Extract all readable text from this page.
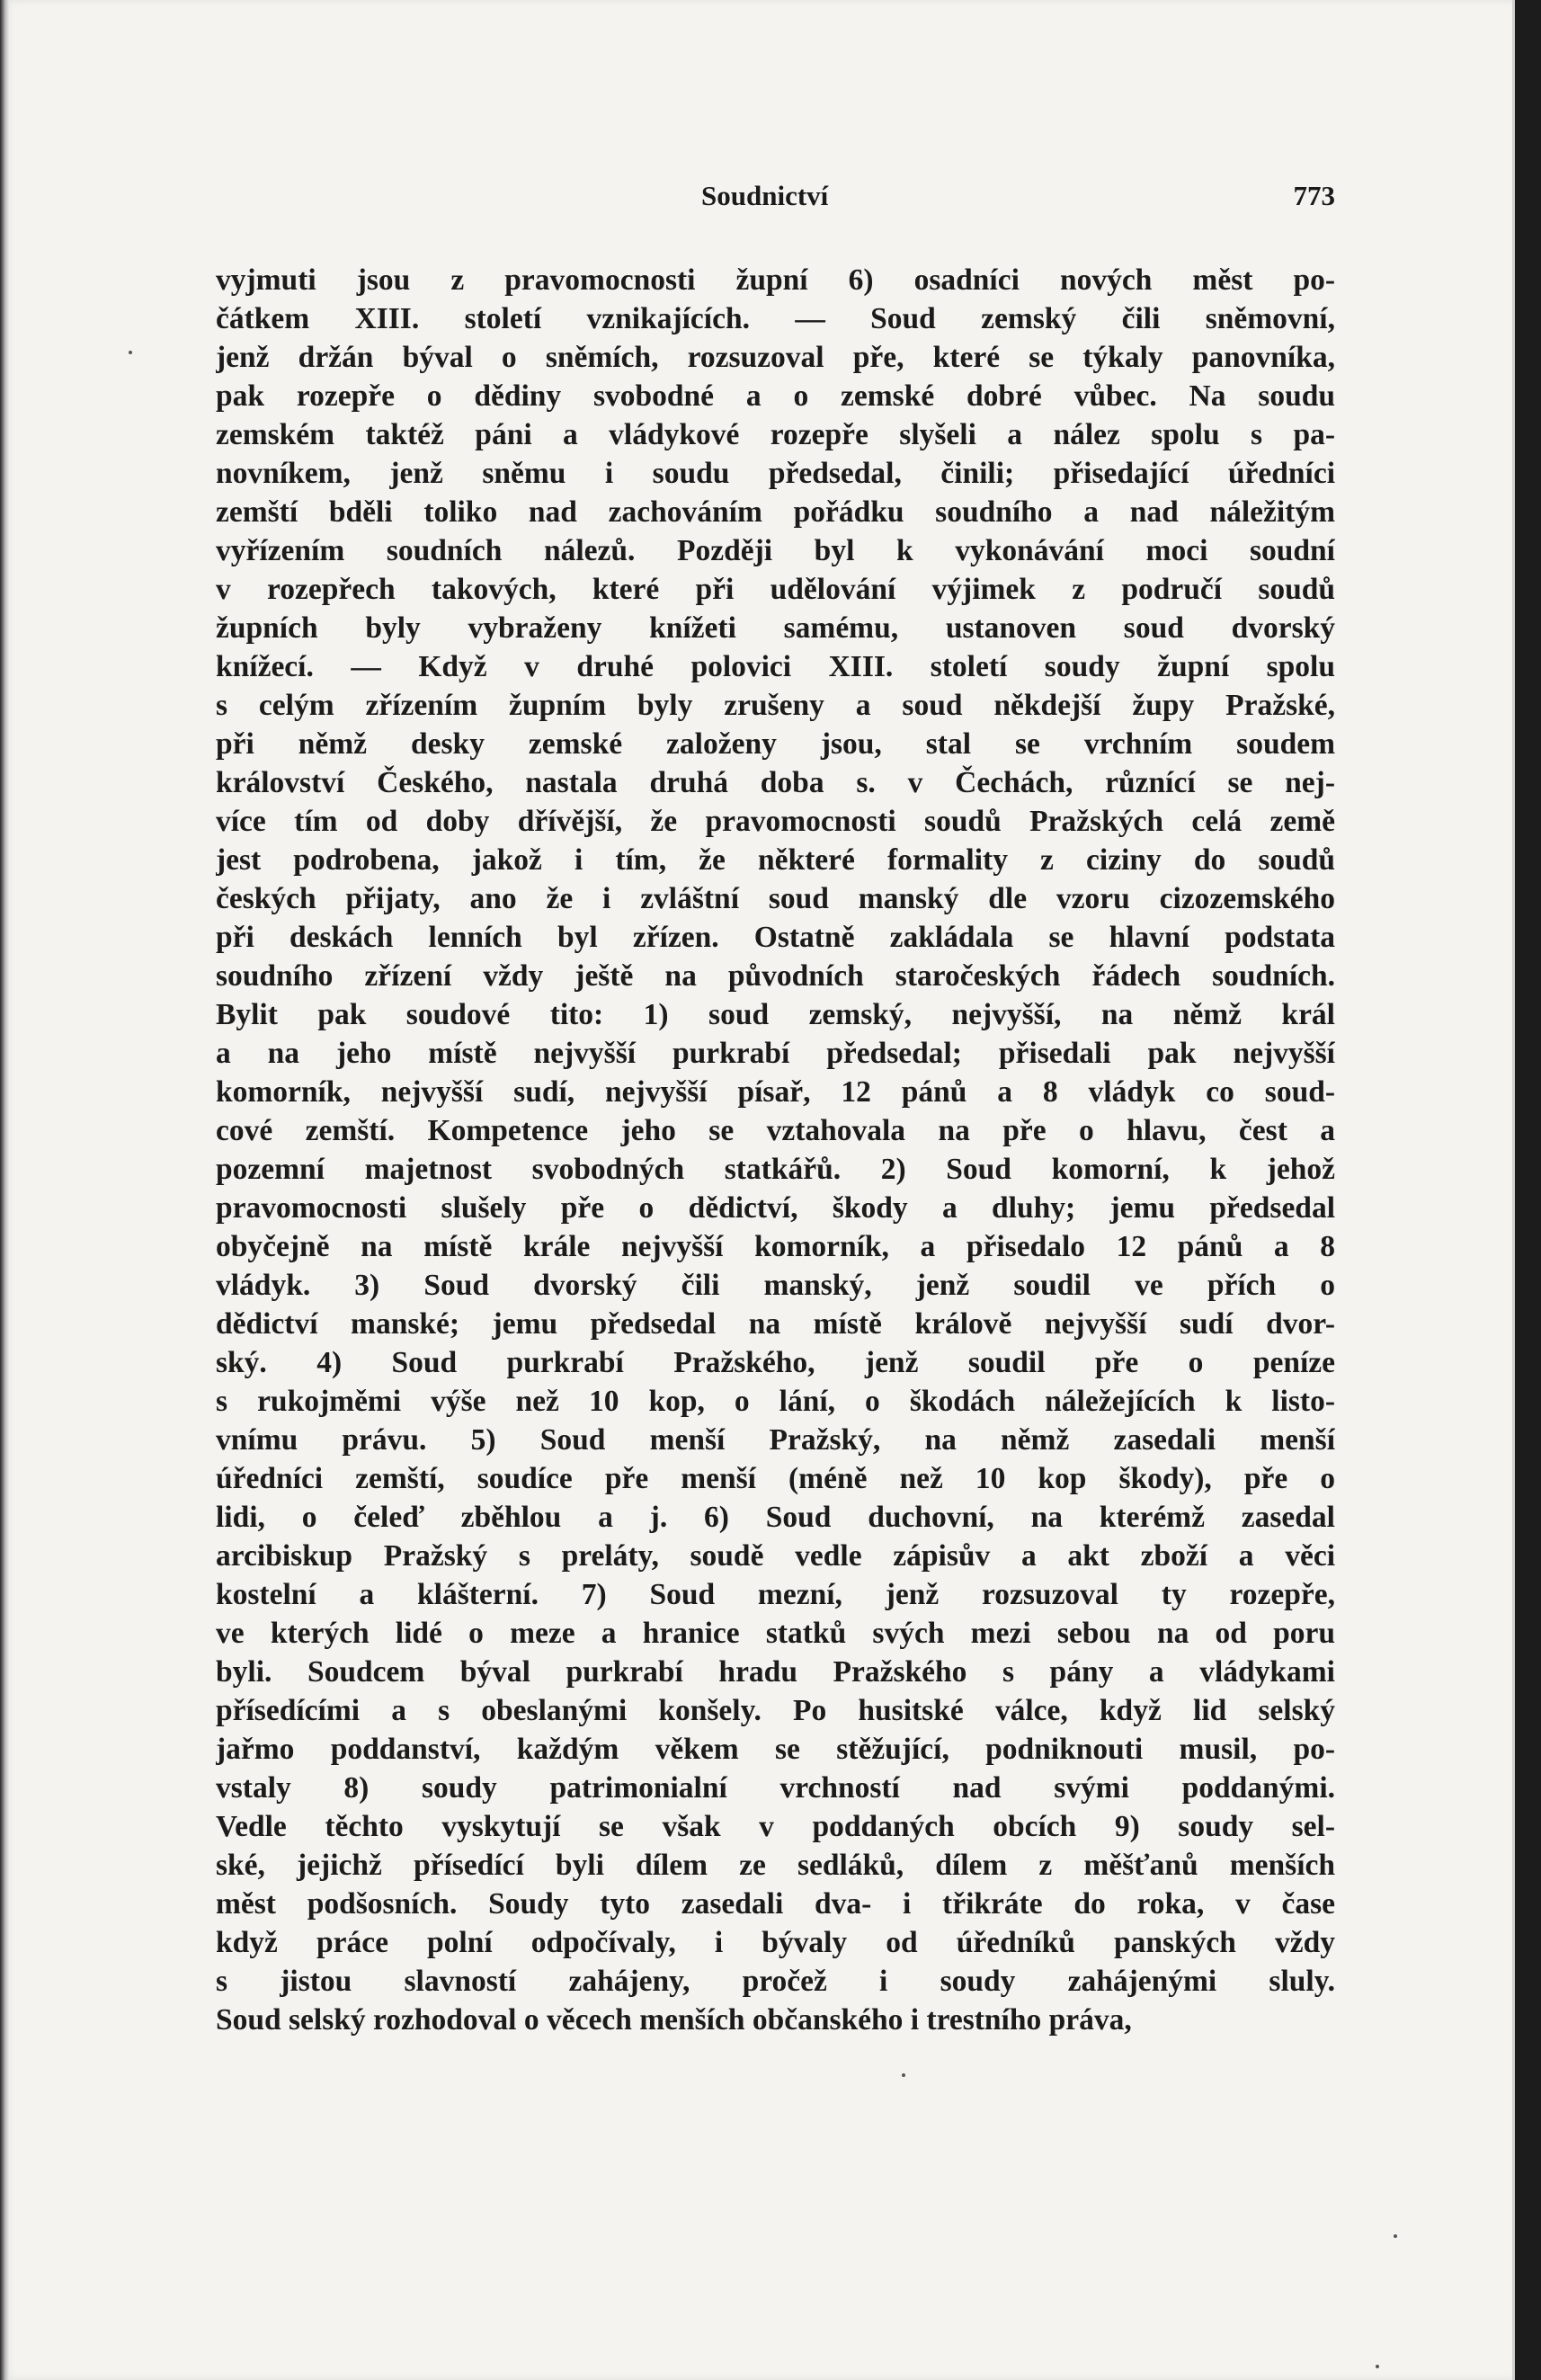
Soudnictví	773
vyjmuti jsou z pravomocnosti župní 6) osadníci nových měst po-
čátkem XIII. století vznikajících. — Soud zemský čili sněmovní,
jenž držán býval o sněmích, rozsuzoval pře, které se týkaly panovníka,
pak rozepře o dědiny svobodné a o zemské dobré vůbec. Na soudu
zemském taktéž páni a vládykové rozepře slyšeli a nález spolu s pa-
novníkem, jenž sněmu i soudu předsedal, činili; přisedající úředníci
zemští bděli toliko nad zachováním pořádku soudního a nad náležitým
vyřízením soudních nálezů. Později byl k vykonávání moci soudní
v rozepřech takových, které při udělování výjimek z područí soudů
župních byly vybraženy knížeti samému, ustanoven soud dvorský
knížecí. — Když v druhé polovici XIII. století soudy župní spolu
s celým zřízením župním byly zrušeny a soud někdejší župy Pražské,
při němž desky zemské založeny jsou, stal se vrchním soudem
království Českého, nastala druhá doba s. v Čechách, různící se nej-
více tím od doby dřívější, že pravomocnosti soudů Pražských celá země
jest podrobena, jakož i tím, že některé formality z ciziny do soudů
českých přijaty, ano že i zvláštní soud manský dle vzoru cizozemského
při deskách lenních byl zřízen. Ostatně zakládala se hlavní podstata
soudního zřízení vždy ještě na původních staročeských řádech soudních.
Bylit pak soudové tito: 1) soud zemský, nejvyšší, na němž král
a na jeho místě nejvyšší purkrabí předsedal; přisedali pak nejvyšší
komorník, nejvyšší sudí, nejvyšší písař, 12 pánů a 8 vládyk co soud-
cové zemští. Kompetence jeho se vztahovala na pře o hlavu, čest a
pozemní majetnost svobodných statkářů. 2) Soud komorní, k jehož
pravomocnosti slušely pře o dědictví, škody a dluhy; jemu předsedal
obyčejně na místě krále nejvyšší komorník, a přisedalo 12 pánů a 8
vládyk. 3) Soud dvorský čili manský, jenž soudil ve přích o
dědictví manské; jemu předsedal na místě královĕ nejvyšší sudí dvor-
ský. 4) Soud purkrabí Pražského, jenž soudil pře o peníze
s rukojměmi výše než 10 kop, o lání, o škodách náležejících k listo-
vnímu právu. 5) Soud menší Pražský, na němž zasedali menší
úředníci zemští, soudíce pře menší (méně než 10 kop škody), pře o
lidi, o čeleď zběhlou a j. 6) Soud duchovní, na kterémž zasedal
arcibiskup Pražský s preláty, soudě vedle zápisův a akt zboží a věci
kostelní a klášterní. 7) Soud mezní, jenž rozsuzoval ty rozepře,
ve kterých lidé o meze a hranice statků svých mezi sebou na od poru
byli. Soudcem býval purkrabí hradu Pražského s pány a vládykami
přísedícími a s obeslanými konšely. Po husitské válce, když lid selský
jařmo poddanství, každým věkem se stěžující, podniknouti musil, po-
vstaly 8) soudy patrimonialní vrchností nad svými poddanými.
Vedle těchto vyskytují se však v poddaných obcích 9) soudy sel-
ské, jejichž přísedící byli dílem ze sedláků, dílem z měšťanů menších
měst podšosních. Soudy tyto zasedali dva- i třikráte do roka, v čase
když práce polní odpočívaly, i bývaly od úředníků panských vždy
s jistou slavností zahájeny, pročež i soudy zahájenými sluly.
Soud selský rozhodoval o věcech menších občanského i trestního práva,
